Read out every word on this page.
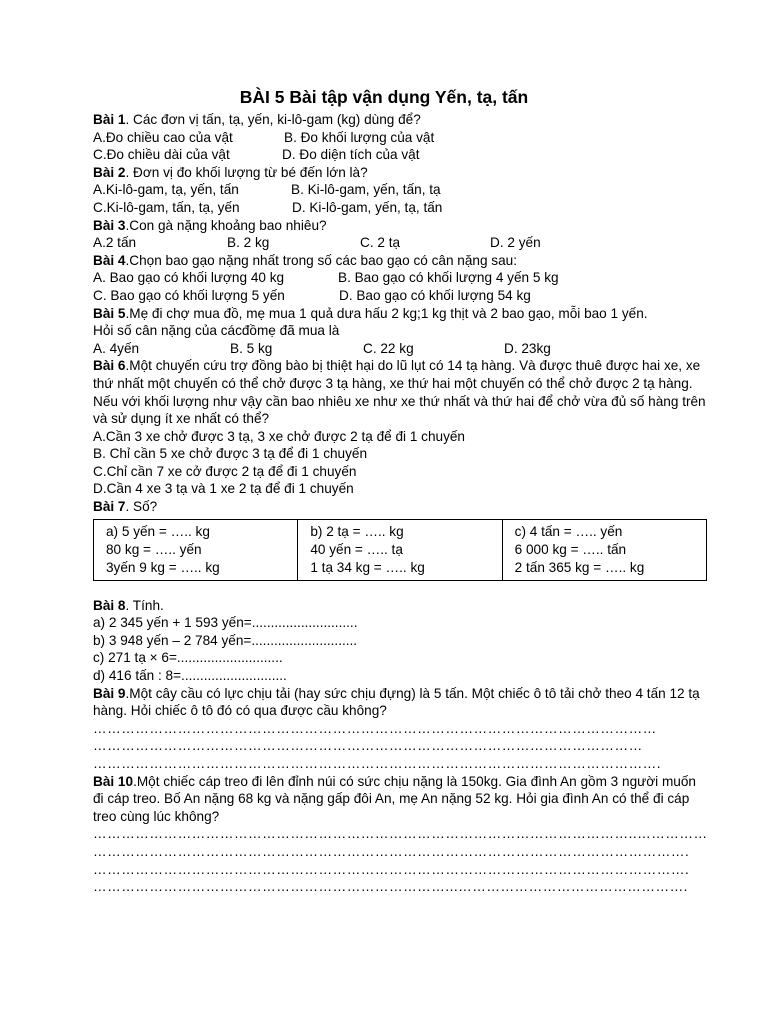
BÀI 5 Bài tập vận dụng Yến, tạ, tấn
Bài 1. Các đơn vị tấn, tạ, yến, ki-lô-gam (kg) dùng để?
A.Đo chiều cao của vật	B. Đo khối lượng của vật
C.Đo chiều dài của vật	D. Đo diện tích của vật
Bài 2. Đơn vị đo khối lượng từ bé đến lớn là?
A.Ki-lô-gam, tạ, yến, tấn	B. Ki-lô-gam, yến, tấn, tạ
C.Ki-lô-gam, tấn, tạ, yến	D. Ki-lô-gam, yến, tạ, tấn
Bài 3.Con gà nặng khoảng bao nhiêu?
A.2 tấn	B. 2 kg	C. 2 tạ	D. 2 yến
Bài 4.Chọn bao gạo nặng nhất trong số các bao gạo có cân nặng sau:
A. Bao gạo có khối lượng 40 kg	B. Bao gạo có khối lượng 4 yến 5 kg
C. Bao gạo có khối lượng 5 yến	D. Bao gạo có khối lượng 54 kg
Bài 5.Mẹ đi chợ mua đồ, mẹ mua 1 quả dưa hấu 2 kg;1 kg thịt và 2 bao gạo, mỗi bao 1 yến.
Hỏi số cân nặng của cácđồmẹ đã mua là
A. 4yến	B. 5 kg	C. 22 kg	D. 23kg
Bài 6.Một chuyến cứu trợ đồng bào bị thiệt hại do lũ lụt có 14 tạ hàng. Và được thuê được hai xe, xe
thứ nhất một chuyến có thể chở được 3 tạ hàng, xe thứ hai một chuyến có thể chở được 2 tạ hàng.
Nếu với khối lượng như vậy cần bao nhiêu xe như xe thứ nhất và thứ hai để chở vừa đủ số hàng trên
và sử dụng ít xe nhất có thể?
A.Cần 3 xe chở được 3 tạ, 3 xe chở được 2 tạ để đi 1 chuyến
B. Chỉ cần 5 xe chở được 3 tạ để đi 1 chuyến
C.Chỉ cần 7 xe cở được 2 tạ để đi 1 chuyến
D.Cần 4 xe 3 tạ và 1 xe 2 tạ để đi 1 chuyến
Bài 7. Số?
a) 5 yến = ….. kg
80 kg = ….. yến
3yến 9 kg = ….. kg

b) 2 tạ = ….. kg
40 yến = ….. tạ
1 tạ 34 kg = ….. kg

c) 4 tấn = ….. yến
6 000 kg = ….. tấn
2 tấn 365 kg = ….. kg
Bài 8. Tính.
a) 2 345 yến + 1 593 yến=............................
b) 3 948 yến – 2 784 yến=............................
c) 271 tạ × 6=............................
d) 416 tấn : 8=............................
Bài 9.Một cây cầu có lực chịu tải (hay sức chịu đựng) là 5 tấn. Một chiếc ô tô tải chở theo 4 tấn 12 tạ
hàng. Hỏi chiếc ô tô đó có qua được cầu không?
…………………………………………………………………………………………………………
………………………………………………………………………………………………………
………………………………………………………………………………………………………….
Bài 10.Một chiếc cáp treo đi lên đỉnh núi có sức chịu nặng là 150kg. Gia đình An gồm 3 người muốn
đi cáp treo. Bố An nặng 68 kg và nặng gấp đôi An, mẹ An nặng 52 kg. Hỏi gia đình An có thể đi cáp
treo cùng lúc không?
……………………………………………………………………………………………………..……………
……………………………………………………………………………………………………………….
……………………………………………………………………………………………………………….
…………………………………………………………………...………………………………………….
